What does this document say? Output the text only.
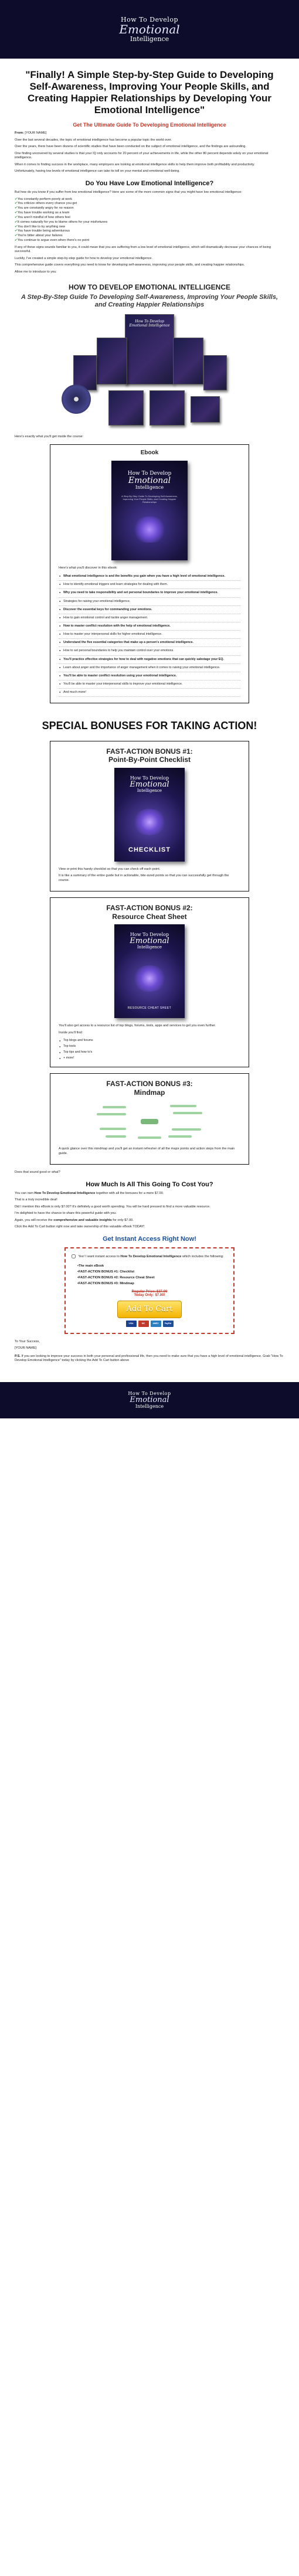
How To Develop
Emotional
Intelligence
"Finally! A Simple Step-by-Step Guide to Developing Self-Awareness, Improving Your People Skills, and Creating Happier Relationships by Developing Your Emotional Intelligence"
Get The Ultimate Guide To Developing Emotional Intelligence

From: [YOUR NAME]

Over the last several decades, the topic of emotional intelligence has become a popular topic the world over.

Over the years, there have been dozens of scientific studies that have been conducted on the subject of emotional intelligence, and the findings are astounding.

One finding uncovered by several studies is that your IQ only accounts for 20 percent of your achievements in life, while the other 80 percent depends solely on your emotional intelligence.

When it comes to finding success in the workplace, many employers are looking at emotional intelligence skills to help them improve both profitability and productivity.

Unfortunately, having low levels of emotional intelligence can take its toll on your mental and emotional well-being.

Do You Have Low Emotional Intelligence?

But how do you know if you suffer from low emotional intelligence? Here are some of the more common signs that you might have low emotional intelligence:

✔ You constantly perform poorly at work
✔ You criticize others every chance you get
✔ You are constantly angry for no reason
✔ You have trouble working as a team
✔ You aren't mindful of how others feel
✔ It comes naturally for you to blame others for your misfortunes
✔ You don't like to try anything new
✔ You have trouble being adventurous
✔ You're bitter about your failures
✔ You continue to argue even when there's no point

If any of these signs sounds familiar to you, it could mean that you are suffering from a low level of emotional intelligence, which will dramatically decrease your chances of being successful.

Luckily, I've created a simple step-by-step guide for how to develop your emotional intelligence.

This comprehensive guide covers everything you need to know for developing self-awareness, improving your people skills, and creating happier relationships.

Allow me to introduce to you:

HOW TO DEVELOP EMOTIONAL INTELLIGENCE
A Step-By-Step Guide To Developing Self-Awareness, Improving Your People Skills, and Creating Happier Relationships
How To Develop Emotional Intelligence

Here's exactly what you'll get inside the course:

Ebook
How To Develop
Emotional
Intelligence
A Step-By-Step Guide To Developing Self-Awareness, Improving Your People Skills, and Creating Happier Relationships

Here's what you'll discover in this ebook:

● What emotional intelligence is and the benefits you gain when you have a high level of emotional intelligence.
● How to identify emotional triggers and learn strategies for dealing with them.
● Why you need to take responsibility and set personal boundaries to improve your emotional intelligence.
● Strategies for raising your emotional intelligence.
● Discover the essential keys for commanding your emotions.
● How to gain emotional control and tackle anger management.
● How to master conflict resolution with the help of emotional intelligence.
● How to master your interpersonal skills for higher emotional intelligence.
● Understand the five essential categories that make up a person's emotional intelligence.
● How to set personal boundaries to help you maintain control over your emotions.
● You'll practice effective strategies for how to deal with negative emotions that can quickly sabotage your EQ.
● Learn about anger and the importance of anger management when it comes to raising your emotional intelligence.
● You'll be able to master conflict resolution using your emotional intelligence.
● You'll be able to master your interpersonal skills to improve your emotional intelligence.
● And much more!
SPECIAL BONUSES FOR TAKING ACTION!
FAST-ACTION BONUS #1:
Point-By-Point Checklist
How To Develop
Emotional
Intelligence
CHECKLIST

View or print this handy checklist so that you can check off each point.

It is like a summary of the entire guide but in actionable, bite-sized points so that you can successfully get through the course.

FAST-ACTION BONUS #2:
Resource Cheat Sheet
How To Develop
Emotional
Intelligence
RESOURCE CHEAT SHEET

You'll also get access to a resource list of top blogs, forums, tools, apps and services to get you even further.

Inside you'll find:

● Top blogs and forums
● Top tools
● Top tips and how to's
● + more!
FAST-ACTION BONUS #3:
Mindmap

A quick glance over this mindmap and you'll get an instant refresher of all the major points and action steps from the main guide.

Does that sound good or what?

How Much Is All This Going To Cost You?

You can own How To Develop Emotional Intelligence together with all the bonuses for a mere $7.00.

That is a truly incredible deal!

Did I mention this eBook is only $7.00? It's definitely a good worth spending. You will be hard pressed to find a more valuable resource.

I'm delighted to have the chance to share this powerful guide with you.

Again, you will receive the comprehensive and valuable insights for only $7.00.

Click the Add To Cart button right now and take ownership of this valuable eBook TODAY!

Get Instant Access Right Now!
Yes! I want instant access to How To Develop Emotional Intelligence which includes the following:
• The main eBook
• FAST-ACTION BONUS #1: Checklist
• FAST-ACTION BONUS #2: Resource Cheat Sheet
• FAST-ACTION BONUS #3: Mindmap
Regular Price: $27.00
Today Only: $7.00!
Add To Cart
VISA	MC	AMEX	PayPal

To Your Success,

[YOUR NAME]

P.S. If you are looking to improve your success in both your personal and professional life, then you need to make sure that you have a high level of emotional intelligence. Grab "How To Develop Emotional Intelligence" today by clicking the Add To Cart button above

How To Develop
Emotional
Intelligence
